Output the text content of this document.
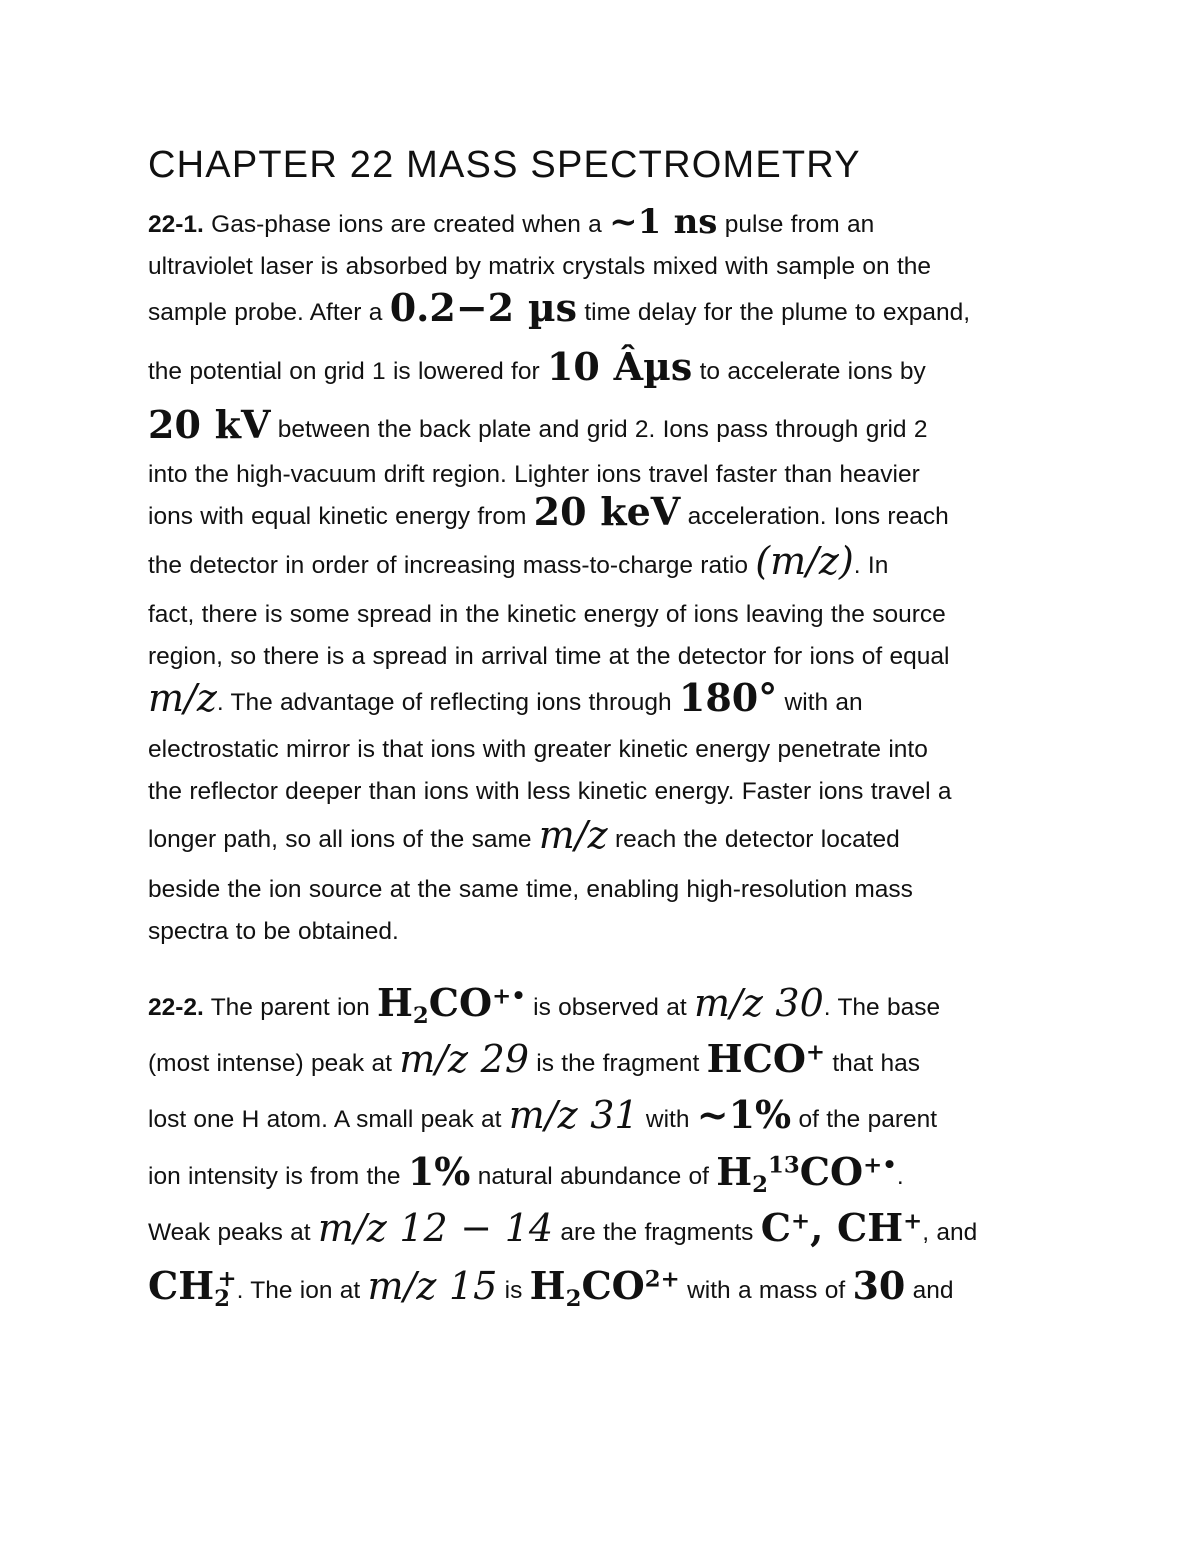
CHAPTER 22 MASS SPECTROMETRY
22-1. Gas-phase ions are created when a ~1 ns pulse from an
ultraviolet laser is absorbed by matrix crystals mixed with sample on the
sample probe. After a 0.2−2 µs time delay for the plume to expand,
the potential on grid 1 is lowered for 10 Âµs to accelerate ions by
20 kV between the back plate and grid 2. Ions pass through grid 2
into the high-vacuum drift region. Lighter ions travel faster than heavier
ions with equal kinetic energy from 20 keV acceleration. Ions reach
the detector in order of increasing mass-to-charge ratio (m/z). In
fact, there is some spread in the kinetic energy of ions leaving the source
region, so there is a spread in arrival time at the detector for ions of equal
m/z. The advantage of reflecting ions through 180° with an
electrostatic mirror is that ions with greater kinetic energy penetrate into
the reflector deeper than ions with less kinetic energy. Faster ions travel a
longer path, so all ions of the same m/z reach the detector located
beside the ion source at the same time, enabling high-resolution mass
spectra to be obtained.
22-2. The parent ion $H_2CO^{+•}$ is observed at m/z 30. The base
(most intense) peak at m/z 29 is the fragment HCO+ that has
lost one H atom. A small peak at m/z 31 with ~1% of the parent
ion intensity is from the 1% natural abundance of $H_2^{13}CO^{+•}$.
Weak peaks at m/z 12 − 14 are the fragments C+, CH+, and
$CH_2^+$. The ion at m/z 15 is $H_2CO^{2+}$ with a mass of 30 and
